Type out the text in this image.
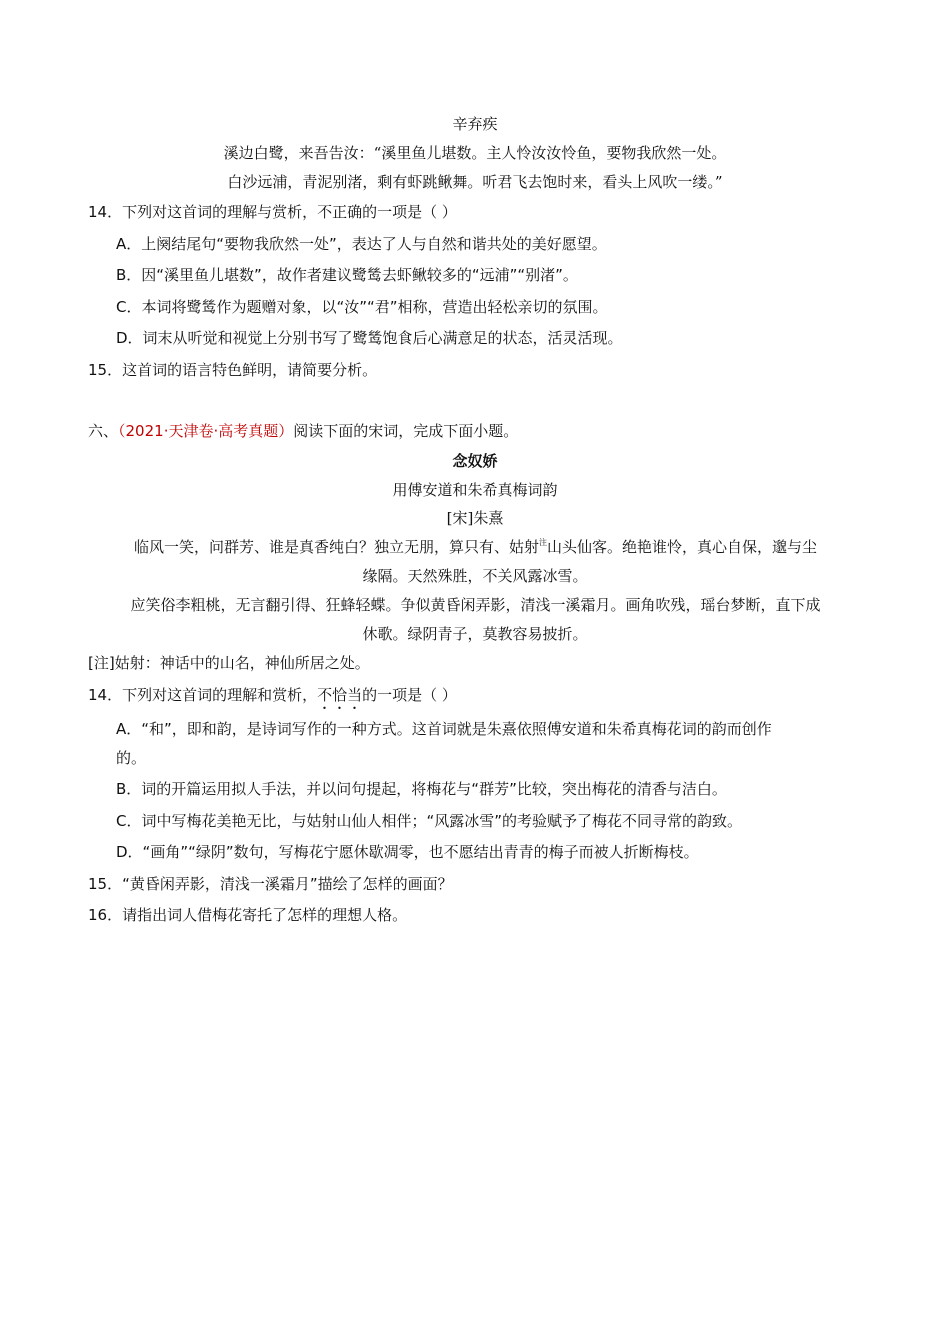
辛弃疾
溪边白鹭，来吾告汝：“溪里鱼儿堪数。主人怜汝汝怜鱼，要物我欣然一处。
白沙远浦，青泥别渚，剩有虾跳鳅舞。听君飞去饱时来，看头上风吹一缕。”
14．下列对这首词的理解与赏析，不正确的一项是（ ）
A．上阕结尾句“要物我欣然一处”，表达了人与自然和谐共处的美好愿望。
B．因“溪里鱼儿堪数”，故作者建议鹭鸶去虾鳅较多的“远浦”“别渚”。
C．本词将鹭鸶作为题赠对象，以“汝”“君”相称，营造出轻松亲切的氛围。
D．词末从听觉和视觉上分别书写了鹭鸶饱食后心满意足的状态，活灵活现。
15．这首词的语言特色鲜明，请简要分析。
六、（2021·天津卷·高考真题）阅读下面的宋词，完成下面小题。
念奴娇
用傅安道和朱希真梅词韵
[宋]朱熹
临风一笑，问群芳、谁是真香纯白？独立无朋，算只有、姑射$^注$山头仙客。绝艳谁怜，真心自保，邈与尘
缘隔。天然殊胜，不关风露冰雪。
应笑俗李粗桃，无言翻引得、狂蜂轻蝶。争似黄昏闲弄影，清浅一溪霜月。画角吹残，瑶台梦断，直下成
休歌。绿阴青子，莫教容易披折。
[注]姑射：神话中的山名，神仙所居之处。
14．下列对这首词的理解和赏析，不恰当的一项是（ ）
A．“和”，即和韵，是诗词写作的一种方式。这首词就是朱熹依照傅安道和朱希真梅花词的韵而创作
的。
B．词的开篇运用拟人手法，并以问句提起，将梅花与“群芳”比较，突出梅花的清香与洁白。
C．词中写梅花美艳无比，与姑射山仙人相伴；“风露冰雪”的考验赋予了梅花不同寻常的韵致。
D．“画角”“绿阴”数句，写梅花宁愿休歇凋零，也不愿结出青青的梅子而被人折断梅枝。
15．“黄昏闲弄影，清浅一溪霜月”描绘了怎样的画面？
16．请指出词人借梅花寄托了怎样的理想人格。
